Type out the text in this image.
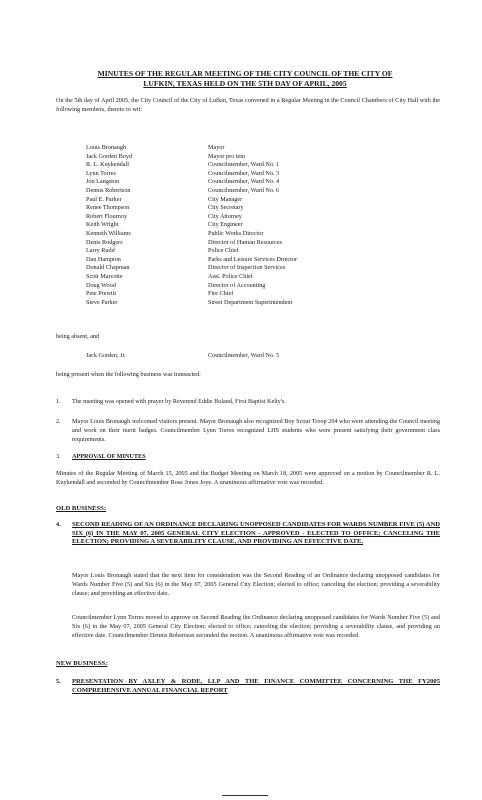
MINUTES OF THE REGULAR MEETING OF THE CITY COUNCIL OF THE CITY OF
LUFKIN, TEXAS HELD ON THE 5TH DAY OF APRIL, 2005
On the 5th day of April 2005, the City Council of the City of Lufkin, Texas convened in a Regular Meeting in the Council Chambers of City Hall with the following members, thereto to wit:
Louis Bronaugh	Mayor
Jack Gorden Boyd	Mayor pro tem
R. L. Kuykendall	Councilmember, Ward No. 1
Lynn Torres	Councilmember, Ward No. 3
Jon Langston	Councilmember, Ward No. 4
Dennis Robertson	Councilmember, Ward No. 6
Paul E. Parker	City Manager
Renee Thompson	City Secretary
Robert Flournoy	City Attorney
Keith Wright	City Engineer
Kenneth Williams	Public Works Director
Denis Rodgers	Director of Human Resources
Larry Rudd	Police Chief
Dan Hampton	Parks and Leisure Services Director
Donald Chapman	Director of Inspection Services
Scott Marcotte	Asst. Police Chief
Doug Wood	Director of Accounting
Pete Prewitt	Fire Chief
Steve Parker	Street Department Superintendent
being absent, and
Jack Gorden, Jr.	Councilmember, Ward No. 5
being present when the following business was transacted:
1.	The meeting was opened with prayer by Reverend Eddie Boland, First Baptist Kelty's.
2.	Mayor Louis Bronaugh welcomed visitors present. Mayor Bronaugh also recognized Boy Scout Troop 204 who were attending the Council meeting and work on their merit badges. Councilmember Lynn Torres recognized LHS students who were present satisfying their government class requirements.
3.	APPROVAL OF MINUTES
Minutes of the Regular Meeting of March 15, 2005 and the Budget Meeting on March 18, 2005 were approved on a motion by Councilmember R. L. Kuykendall and seconded by Councilmember Rose Jones Joye. A unanimous affirmative vote was recorded.
OLD BUSINESS:
4.	SECOND READING OF AN ORDINANCE DECLARING UNOPPOSED CANDIDATES FOR WARDS NUMBER FIVE (5) AND SIX (6) IN THE MAY 07, 2005 GENERAL CITY ELECTION - APPROVED - ELECTED TO OFFICE; CANCELING THE ELECTION; PROVIDING A SEVERABILITY CLAUSE, AND PROVIDING AN EFFECTIVE DATE.
Mayor Louis Bronaugh stated that the next item for consideration was the Second Reading of an Ordinance declaring unopposed candidates for Wards Number Five (5) and Six (6) in the May 07, 2005 General City Election; elected to office; canceling the election; providing a severability clause; and providing an effective date.
Councilmember Lynn Torres moved to approve on Second Reading the Ordinance declaring unopposed candidates for Wards Number Five (5) and Six (6) in the May 07, 2005 General City Election; elected to office; canceling the election; providing a severability clause, and providing an effective date. Councilmember Dennis Robertson seconded the motion. A unanimous affirmative vote was recorded.
NEW BUSINESS:
5.	PRESENTATION BY AXLEY & RODE, LLP AND THE FINANCE COMMITTEE CONCERNING THE FY2005 COMPREHENSIVE ANNUAL FINANCIAL REPORT
